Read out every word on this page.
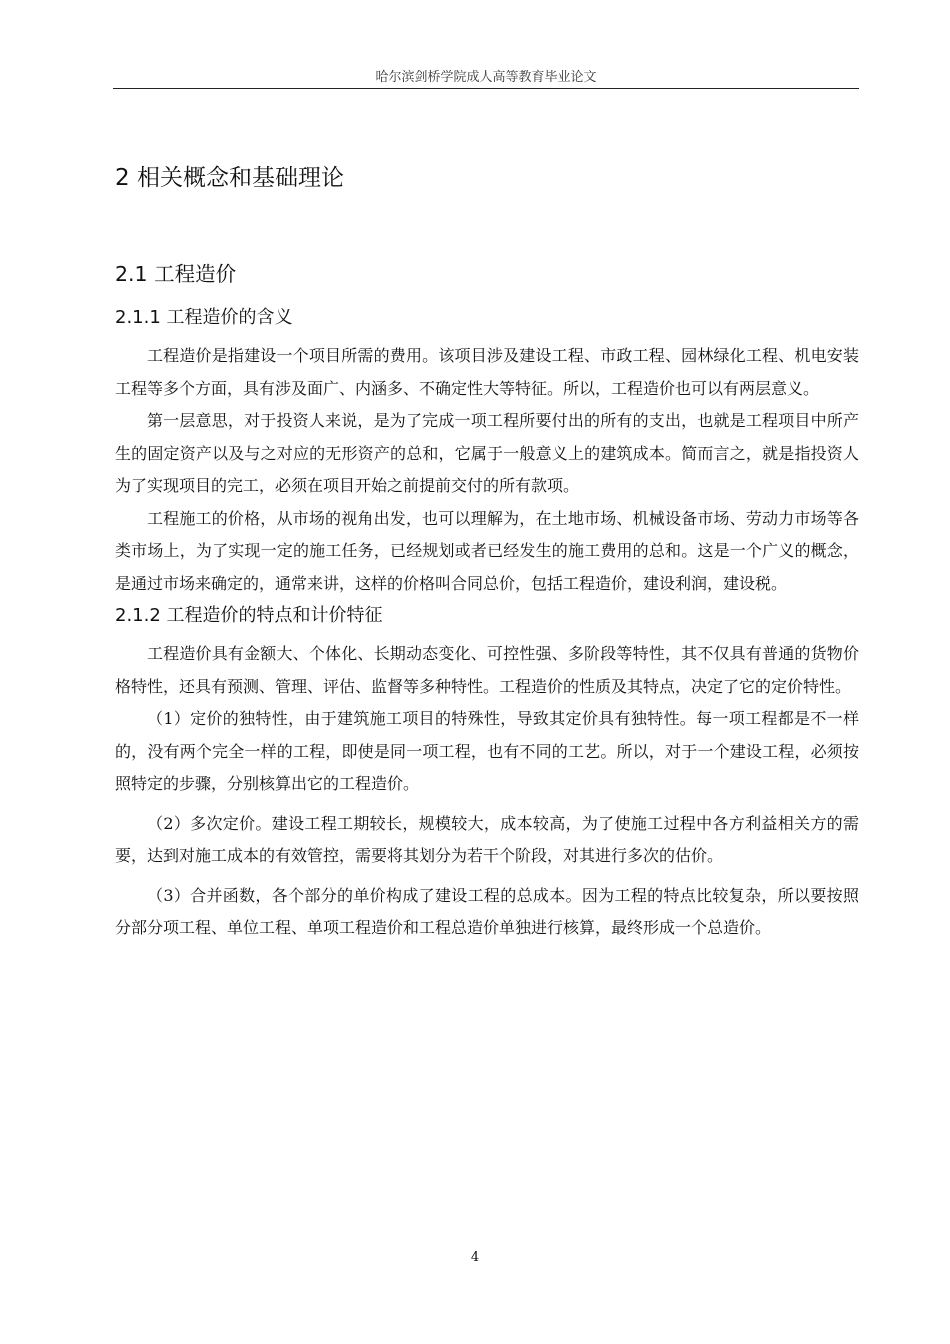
哈尔滨剑桥学院成人高等教育毕业论文
2 相关概念和基础理论
2.1 工程造价
2.1.1 工程造价的含义

工程造价是指建设一个项目所需的费用。该项目涉及建设工程、市政工程、园林绿化工程、机电安装工程等多个方面，具有涉及面广、内涵多、不确定性大等特征。所以，工程造价也可以有两层意义。

第一层意思，对于投资人来说，是为了完成一项工程所要付出的所有的支出，也就是工程项目中所产生的固定资产以及与之对应的无形资产的总和，它属于一般意义上的建筑成本。简而言之，就是指投资人为了实现项目的完工，必须在项目开始之前提前交付的所有款项。

工程施工的价格，从市场的视角出发，也可以理解为，在土地市场、机械设备市场、劳动力市场等各类市场上，为了实现一定的施工任务，已经规划或者已经发生的施工费用的总和。这是一个广义的概念，是通过市场来确定的，通常来讲，这样的价格叫合同总价，包括工程造价，建设利润，建设税。

2.1.2 工程造价的特点和计价特征

工程造价具有金额大、个体化、长期动态变化、可控性强、多阶段等特性，其不仅具有普通的货物价格特性，还具有预测、管理、评估、监督等多种特性。工程造价的性质及其特点，决定了它的定价特性。

（1）定价的独特性，由于建筑施工项目的特殊性，导致其定价具有独特性。每一项工程都是不一样的，没有两个完全一样的工程，即使是同一项工程，也有不同的工艺。所以，对于一个建设工程，必须按照特定的步骤，分别核算出它的工程造价。

（2）多次定价。建设工程工期较长，规模较大，成本较高，为了使施工过程中各方利益相关方的需要，达到对施工成本的有效管控，需要将其划分为若干个阶段，对其进行多次的估价。

（3）合并函数，各个部分的单价构成了建设工程的总成本。因为工程的特点比较复杂，所以要按照分部分项工程、单位工程、单项工程造价和工程总造价单独进行核算，最终形成一个总造价。

4
